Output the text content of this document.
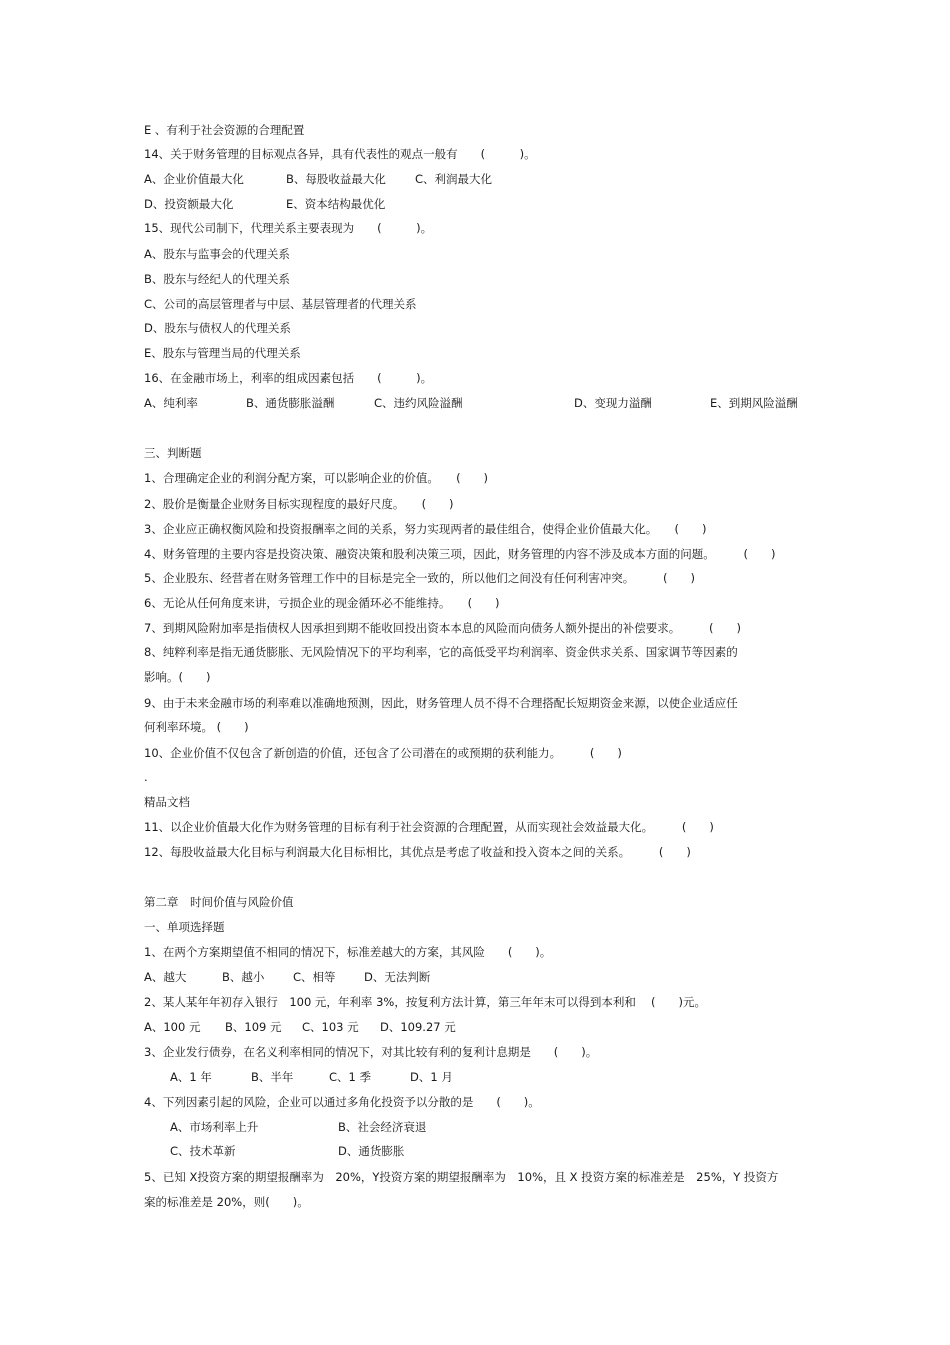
E 、有利于社会资源的合理配置
14、关于财务管理的目标观点各异，具有代表性的观点一般有　　(　　　)。
A、企业价值最大化	B、每股收益最大化	C、利润最大化
D、投资额最大化	E、资本结构最优化
15、现代公司制下，代理关系主要表现为　　(　　　)。
A、股东与监事会的代理关系
B、股东与经纪人的代理关系
C、公司的高层管理者与中层、基层管理者的代理关系
D、股东与债权人的代理关系
E、股东与管理当局的代理关系
16、在金融市场上，利率的组成因素包括　　(　　　)。
A、纯利率	B、通货膨胀溢酬	C、违约风险溢酬	D、变现力溢酬	E、到期风险溢酬
三、判断题
1、合理确定企业的利润分配方案，可以影响企业的价值。　　(　　)
2、股价是衡量企业财务目标实现程度的最好尺度。　　(　　)
3、企业应正确权衡风险和投资报酬率之间的关系，努力实现两者的最佳组合，使得企业价值最大化。　　(　　)
4、财务管理的主要内容是投资决策、融资决策和股利决策三项，因此，财务管理的内容不涉及成本方面的问题。　　　(　　)
5、企业股东、经营者在财务管理工作中的目标是完全一致的，所以他们之间没有任何利害冲突。　　　(　　)
6、无论从任何角度来讲，亏损企业的现金循环必不能维持。　　(　　)
7、到期风险附加率是指债权人因承担到期不能收回投出资本本息的风险而向债务人额外提出的补偿要求。　　　(　　)
8、纯粹利率是指无通货膨胀、无风险情况下的平均利率，它的高低受平均利润率、资金供求关系、国家调节等因素的
影响。(　　)
9、由于未来金融市场的利率难以准确地预测，因此，财务管理人员不得不合理搭配长短期资金来源，以使企业适应任
何利率环境。 (　　)
10、企业价值不仅包含了新创造的价值，还包含了公司潜在的或预期的获利能力。　　　(　　)
.
精品文档
11、以企业价值最大化作为财务管理的目标有利于社会资源的合理配置，从而实现社会效益最大化。　　　(　　)
12、每股收益最大化目标与利润最大化目标相比，其优点是考虑了收益和投入资本之间的关系。　　　(　　)
第二章　时间价值与风险价值
一、单项选择题
1、在两个方案期望值不相同的情况下，标准差越大的方案，其风险　　(　　)。
A、越大	B、越小 C、相等 D、无法判断
2、某人某年年初存入银行　100 元，年利率 3%，按复利方法计算，第三年年末可以得到本利和　 (　　)元。
A、100 元 B、109 元 C、103 元 D、109.27 元
3、企业发行债券，在名义利率相同的情况下，对其比较有利的复利计息期是　　(　　)。
A、1 年	B、半年	C、1 季	D、1 月
4、下列因素引起的风险，企业可以通过多角化投资予以分散的是　　(　　)。
A、市场利率上升	B、社会经济衰退
C、技术革新	D、通货膨胀
5、已知 X投资方案的期望报酬率为　20%，Y投资方案的期望报酬率为　10%，且 X 投资方案的标准差是　25%，Y 投资方
案的标准差是 20%，则(　　)。
